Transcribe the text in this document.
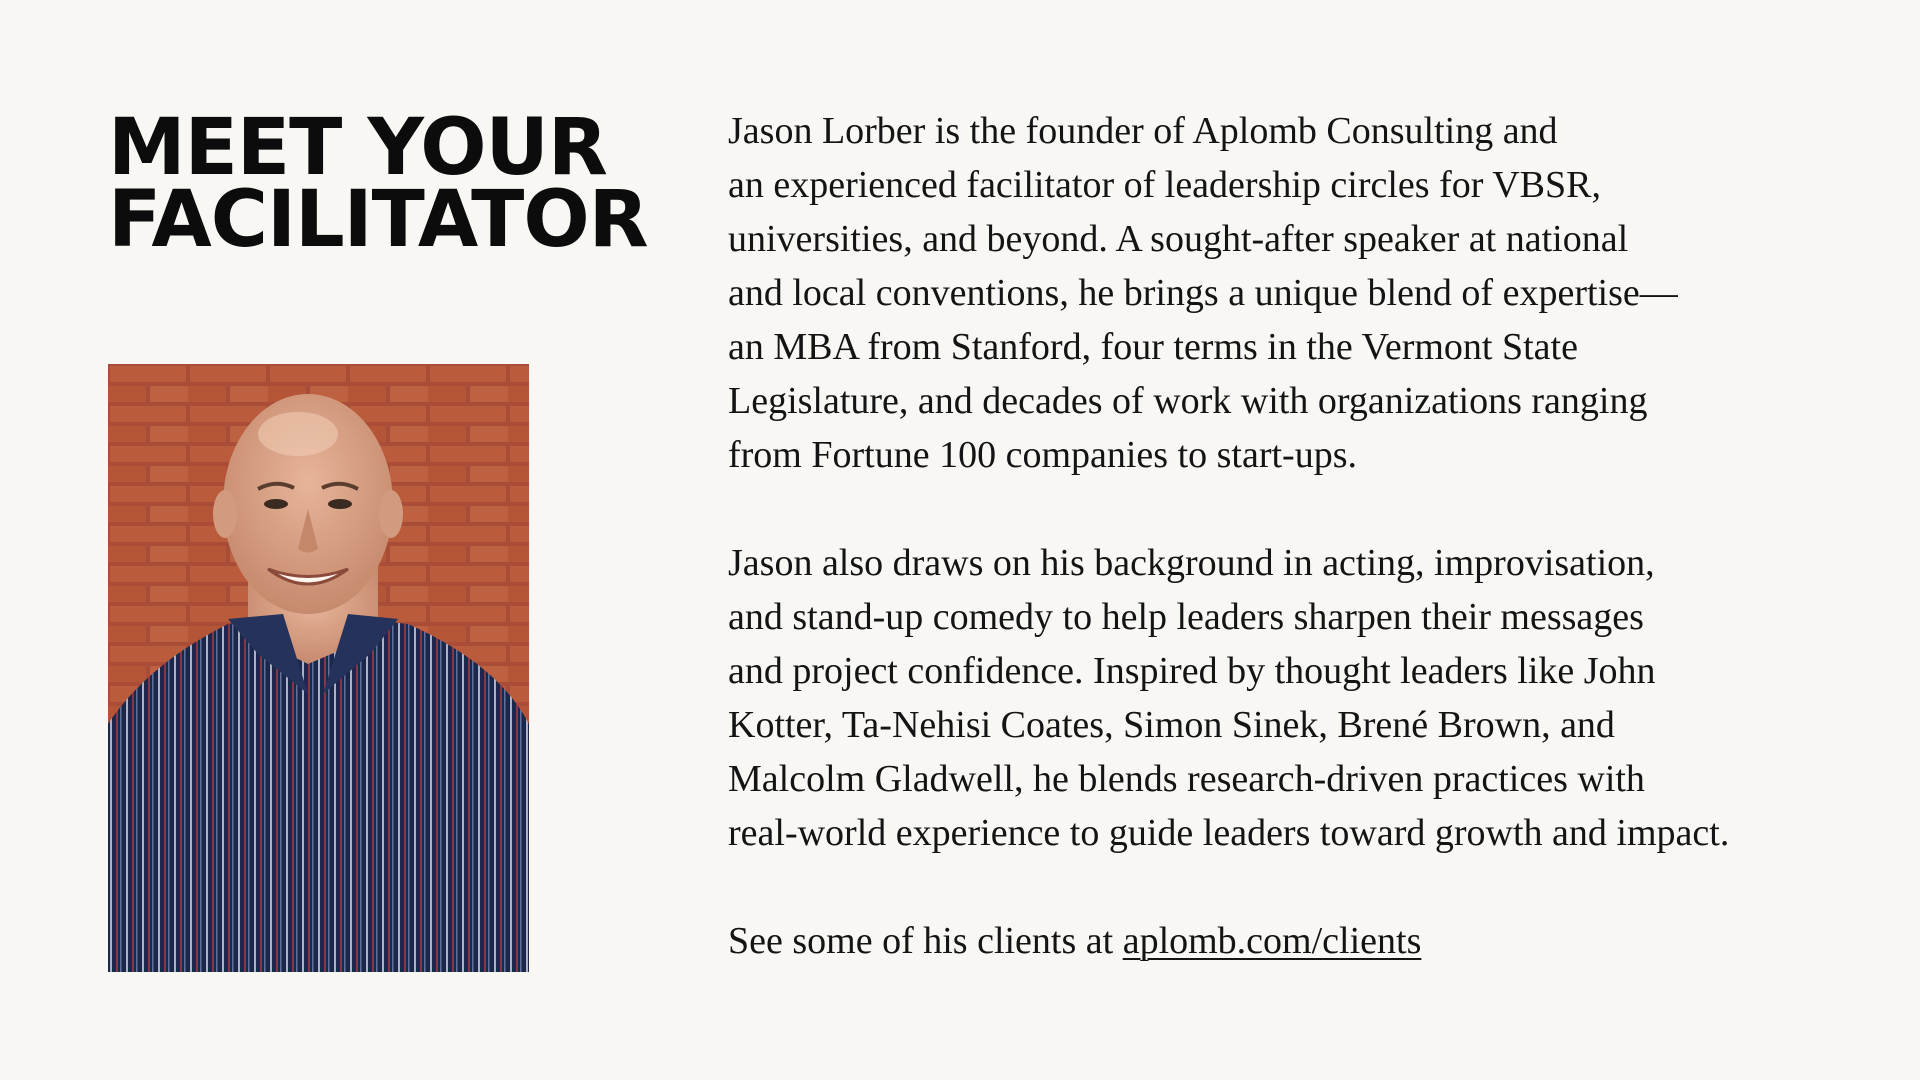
MEET YOUR
FACILITATOR

Jason Lorber is the founder of Aplomb Consulting and
an experienced facilitator of leadership circles for VBSR,
universities, and beyond. A sought-after speaker at national
and local conventions, he brings a unique blend of expertise—
an MBA from Stanford, four terms in the Vermont State
Legislature, and decades of work with organizations ranging
from Fortune 100 companies to start-ups.

Jason also draws on his background in acting, improvisation,
and stand-up comedy to help leaders sharpen their messages
and project confidence. Inspired by thought leaders like John
Kotter, Ta-Nehisi Coates, Simon Sinek, Brené Brown, and
Malcolm Gladwell, he blends research-driven practices with
real-world experience to guide leaders toward growth and impact.

See some of his clients at aplomb.com/clients
